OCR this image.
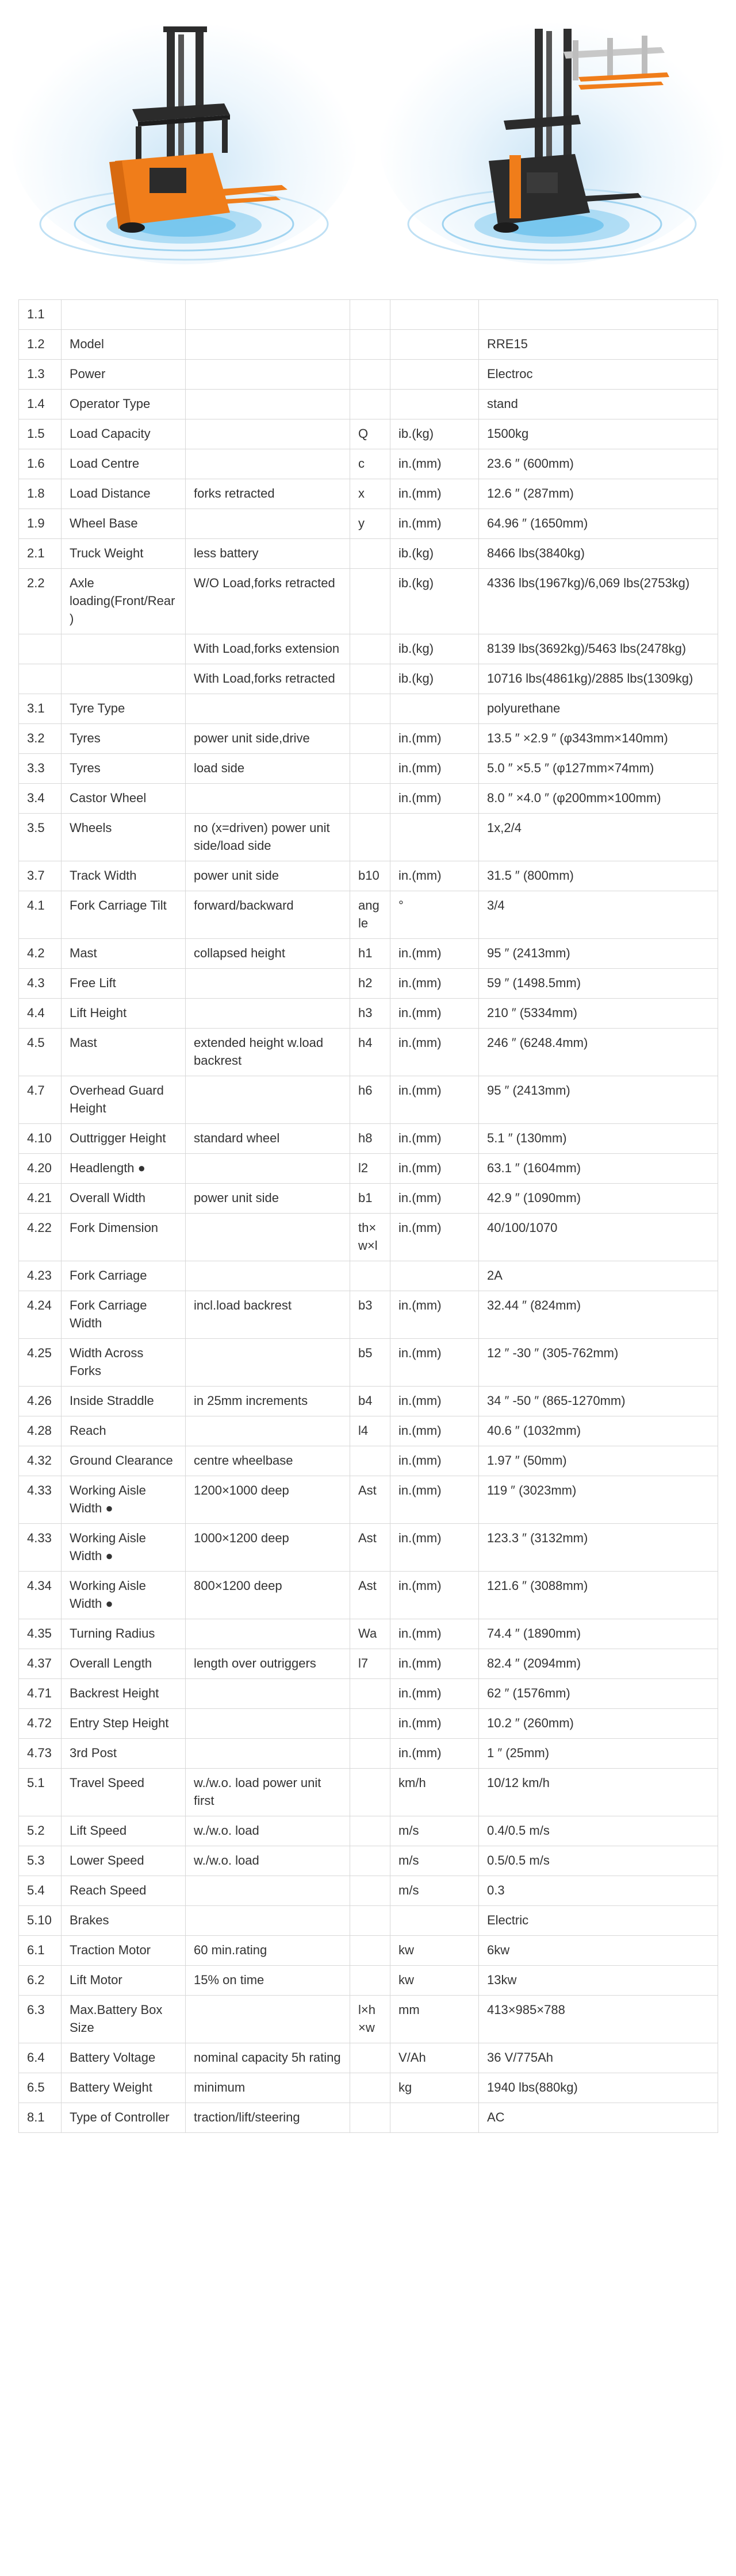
1.1					
1.2	Model				RRE15
1.3	Power				Electroc
1.4	Operator Type				stand
1.5	Load Capacity		Q	ib.(kg)	1500kg
1.6	Load Centre		c	in.(mm)	23.6 ″ (600mm)
1.8	Load Distance	forks retracted	x	in.(mm)	12.6 ″ (287mm)
1.9	Wheel Base		y	in.(mm)	64.96 ″ (1650mm)
2.1	Truck Weight	less battery		ib.(kg)	8466 lbs(3840kg)
2.2	Axle loading(Front/Rear)	W/O Load,forks retracted		ib.(kg)	4336 lbs(1967kg)/6,069 lbs(2753kg)
		With Load,forks extension		ib.(kg)	8139 lbs(3692kg)/5463 lbs(2478kg)
		With Load,forks retracted		ib.(kg)	10716 lbs(4861kg)/2885 lbs(1309kg)
3.1	Tyre Type				polyurethane
3.2	Tyres	power unit side,drive		in.(mm)	13.5 ″ ×2.9 ″ (φ343mm×140mm)
3.3	Tyres	load side		in.(mm)	5.0 ″ ×5.5 ″ (φ127mm×74mm)
3.4	Castor Wheel			in.(mm)	8.0 ″ ×4.0 ″ (φ200mm×100mm)
3.5	Wheels	no (x=driven) power unit side/load side			1x,2/4
3.7	Track Width	power unit side	b10	in.(mm)	31.5 ″ (800mm)
4.1	Fork Carriage Tilt	forward/backward	angle	°	3/4
4.2	Mast	collapsed height	h1	in.(mm)	95 ″ (2413mm)
4.3	Free Lift		h2	in.(mm)	59 ″ (1498.5mm)
4.4	Lift Height		h3	in.(mm)	210 ″ (5334mm)
4.5	Mast	extended height w.load backrest	h4	in.(mm)	246 ″ (6248.4mm)
4.7	Overhead Guard Height		h6	in.(mm)	95 ″ (2413mm)
4.10	Outtrigger Height	standard wheel	h8	in.(mm)	5.1 ″ (130mm)
4.20	Headlength ●		l2	in.(mm)	63.1 ″ (1604mm)
4.21	Overall Width	power unit side	b1	in.(mm)	42.9 ″ (1090mm)
4.22	Fork Dimension		th×w×l	in.(mm)	40/100/1070
4.23	Fork Carriage				2A
4.24	Fork Carriage Width	incl.load backrest	b3	in.(mm)	32.44 ″ (824mm)
4.25	Width Across Forks		b5	in.(mm)	12 ″ -30 ″ (305-762mm)
4.26	Inside Straddle	in 25mm increments	b4	in.(mm)	34 ″ -50 ″ (865-1270mm)
4.28	Reach		l4	in.(mm)	40.6 ″ (1032mm)
4.32	Ground Clearance	centre wheelbase		in.(mm)	1.97 ″ (50mm)
4.33	Working Aisle Width ●	1200×1000 deep	Ast	in.(mm)	119 ″ (3023mm)
4.33	Working Aisle Width ●	1000×1200 deep	Ast	in.(mm)	123.3 ″ (3132mm)
4.34	Working Aisle Width ●	800×1200 deep	Ast	in.(mm)	121.6 ″ (3088mm)
4.35	Turning Radius		Wa	in.(mm)	74.4 ″ (1890mm)
4.37	Overall Length	length over outriggers	l7	in.(mm)	82.4 ″ (2094mm)
4.71	Backrest Height			in.(mm)	62 ″ (1576mm)
4.72	Entry Step Height			in.(mm)	10.2 ″ (260mm)
4.73	3rd Post			in.(mm)	1 ″ (25mm)
5.1	Travel Speed	w./w.o. load power unit first		km/h	10/12 km/h
5.2	Lift Speed	w./w.o. load		m/s	0.4/0.5 m/s
5.3	Lower Speed	w./w.o. load		m/s	0.5/0.5 m/s
5.4	Reach Speed			m/s	0.3
5.10	Brakes				Electric
6.1	Traction Motor	60 min.rating		kw	6kw
6.2	Lift Motor	15% on time		kw	13kw
6.3	Max.Battery Box Size		l×h×w	mm	413×985×788
6.4	Battery Voltage	nominal capacity 5h rating		V/Ah	36 V/775Ah
6.5	Battery Weight	minimum		kg	1940 lbs(880kg)
8.1	Type of Controller	traction/lift/steering			AC
